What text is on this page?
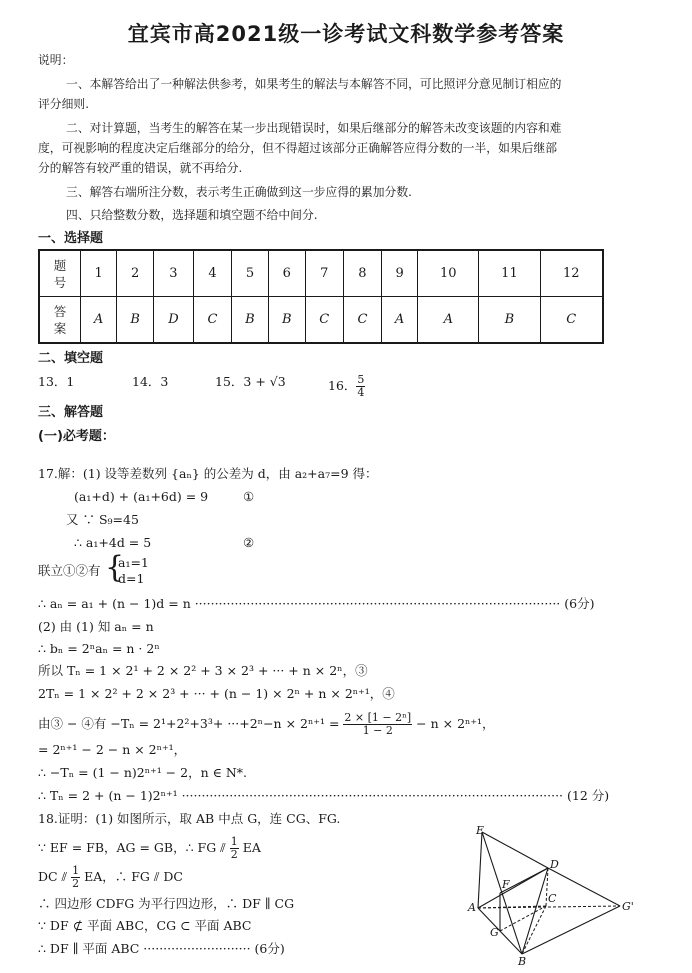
宜宾市高2021级一诊考试文科数学参考答案
说明：
一、本解答给出了一种解法供参考，如果考生的解法与本解答不同，可比照评分意见制订相应的
评分细则.
二、对计算题，当考生的解答在某一步出现错误时，如果后继部分的解答未改变该题的内容和难
度，可视影响的程度决定后继部分的给分，但不得超过该部分正确解答应得分数的一半，如果后继部
分的解答有较严重的错误，就不再给分.
三、解答右端所注分数，表示考生正确做到这一步应得的累加分数.
四、只给整数分数，选择题和填空题不给中间分.
一、选择题
题
号	1	2	3	4	5	6	7	8	9	10	11	12
答
案	A	B	D	C	B	B	C	C	A	A	B	C
二、填空题
13．1	14．3	15．3 + √3	16． $\frac{5}{4}$
三、解答题
(一)必考题：
17.解：(1) 设等差数列 {aₙ} 的公差为 d，由 a₂+a₇=9 得：
(a₁+d) + (a₁+6d) = 9	①
又 ∵ S₉=45
∴ a₁+4d = 5	②
联立①②有 {
a₁=1
d=1
∴ aₙ = a₁ + (n − 1)d = n ···························································································· (6分)
(2) 由 (1) 知 aₙ = n
∴ bₙ = 2ⁿaₙ = n · 2ⁿ
所以 Tₙ = 1 × 2¹ + 2 × 2² + 3 × 2³ + ··· + n × 2ⁿ，③
2Tₙ = 1 × 2² + 2 × 2³ + ··· + (n − 1) × 2ⁿ + n × 2ⁿ⁺¹，④
由③ − ④有 $-T_n = 2^1+2^2+3^3+ \cdot\cdot\cdot+2^n-n \times 2^{n+1} = \frac{\text{2 × [1 − 2ⁿ]}}{1 - 2} - n \times 2^{n+1}$，
= 2ⁿ⁺¹ − 2 − n × 2ⁿ⁺¹，
∴ −Tₙ = (1 − n)2ⁿ⁺¹ − 2，n ∈ N*.
∴ Tₙ = 2 + (n − 1)2ⁿ⁺¹ ································································································ (12 分)
18.证明：(1) 如图所示，取 AB 中点 G，连 CG、FG.
∵ EF = FB，AG = GB，∴ FG ⫽ $\frac{1}{2}$ EA
DC ⫽ $\frac{1}{2}$ EA，∴ FG ⫽ DC
∴ 四边形 CDFG 为平行四边形，∴ DF ∥ CG
∵ DF ⊄ 平面 ABC，CG ⊂ 平面 ABC
∴ DF ∥ 平面 ABC ··························· (6分)
E
D
F
A
C
G'
G
B
